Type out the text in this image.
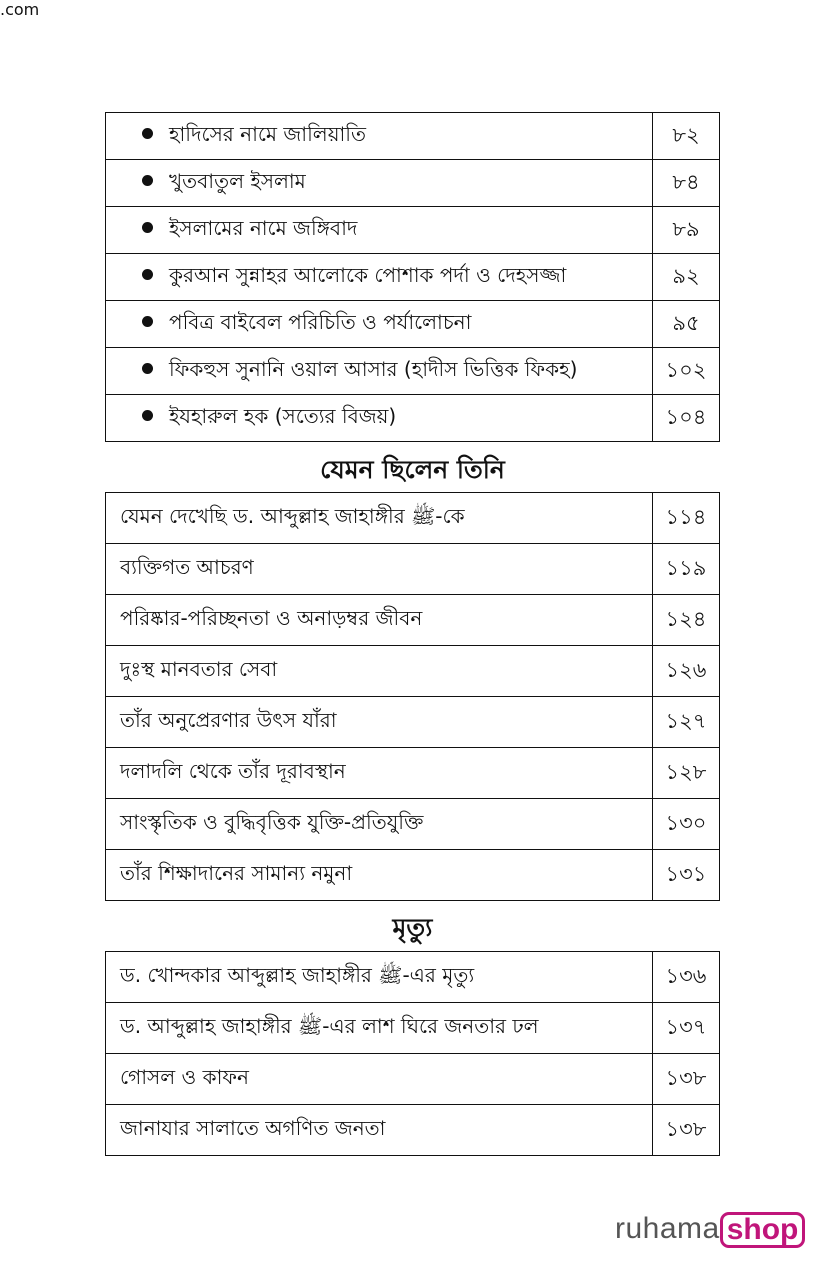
হাদিসের নামে জালিয়াতি	৮২
খুতবাতুল ইসলাম	৮৪
ইসলামের নামে জঙ্গিবাদ	৮৯
কুরআন সুন্নাহর আলোকে পোশাক পর্দা ও দেহসজ্জা	৯২
পবিত্র বাইবেল পরিচিতি ও পর্যালোচনা	৯৫
ফিকহুস সুনানি ওয়াল আসার (হাদীস ভিত্তিক ফিকহ)	১০২
ইযহারুল হক (সত্যের বিজয়)	১০৪
যেমন ছিলেন তিনি
যেমন দেখেছি ড. আব্দুল্লাহ জাহাঙ্গীর ﷺ-কে	১১৪
ব্যক্তিগত আচরণ	১১৯
পরিষ্কার-পরিচ্ছনতা ও অনাড়ম্বর জীবন	১২৪
দুঃস্থ মানবতার সেবা	১২৬
তাঁর অনুপ্রেরণার উৎস যাঁরা	১২৭
দলাদলি থেকে তাঁর দূরাবস্থান	১২৮
সাংস্কৃতিক ও বুদ্ধিবৃত্তিক যুক্তি-প্রতিযুক্তি	১৩০
তাঁর শিক্ষাদানের সামান্য নমুনা	১৩১
মৃত্যু
ড. খোন্দকার আব্দুল্লাহ জাহাঙ্গীর ﷺ-এর মৃত্যু	১৩৬
ড. আব্দুল্লাহ জাহাঙ্গীর ﷺ-এর লাশ ঘিরে জনতার ঢল	১৩৭
গোসল ও কাফন	১৩৮
জানাযার সালাতে অগণিত জনতা	১৩৮
ruhama shop
.com
